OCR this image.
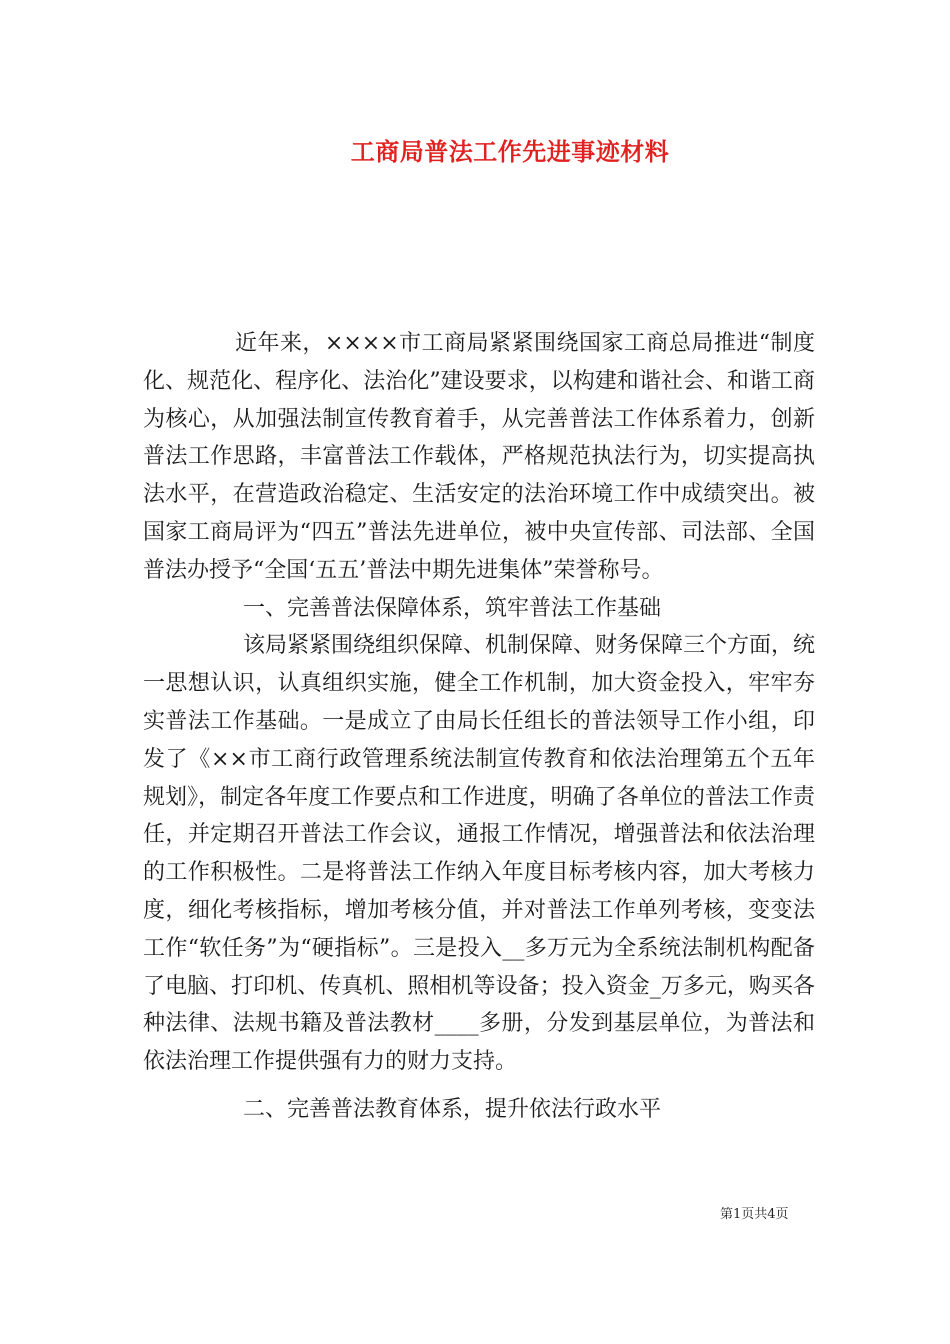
工商局普法工作先进事迹材料

近年来，××××市工商局紧紧围绕国家工商总局推进“制度化、规范化、程序化、法治化”建设要求，以构建和谐社会、和谐工商为核心，从加强法制宣传教育着手，从完善普法工作体系着力，创新普法工作思路，丰富普法工作载体，严格规范执法行为，切实提高执法水平，在营造政治稳定、生活安定的法治环境工作中成绩突出。被国家工商局评为“四五”普法先进单位，被中央宣传部、司法部、全国普法办授予“全国‘五五’普法中期先进集体”荣誉称号。

一、完善普法保障体系，筑牢普法工作基础

该局紧紧围绕组织保障、机制保障、财务保障三个方面，统一思想认识，认真组织实施，健全工作机制，加大资金投入，牢牢夯实普法工作基础。一是成立了由局长任组长的普法领导工作小组，印发了《××市工商行政管理系统法制宣传教育和依法治理第五个五年规划》，制定各年度工作要点和工作进度，明确了各单位的普法工作责任，并定期召开普法工作会议，通报工作情况，增强普法和依法治理的工作积极性。二是将普法工作纳入年度目标考核内容，加大考核力度，细化考核指标，增加考核分值，并对普法工作单列考核，变变法工作“软任务”为“硬指标”。三是投入__多万元为全系统法制机构配备了电脑、打印机、传真机、照相机等设备；投入资金_万多元，购买各种法律、法规书籍及普法教材____多册，分发到基层单位，为普法和依法治理工作提供强有力的财力支持。

二、完善普法教育体系，提升依法行政水平

第1页共4页
